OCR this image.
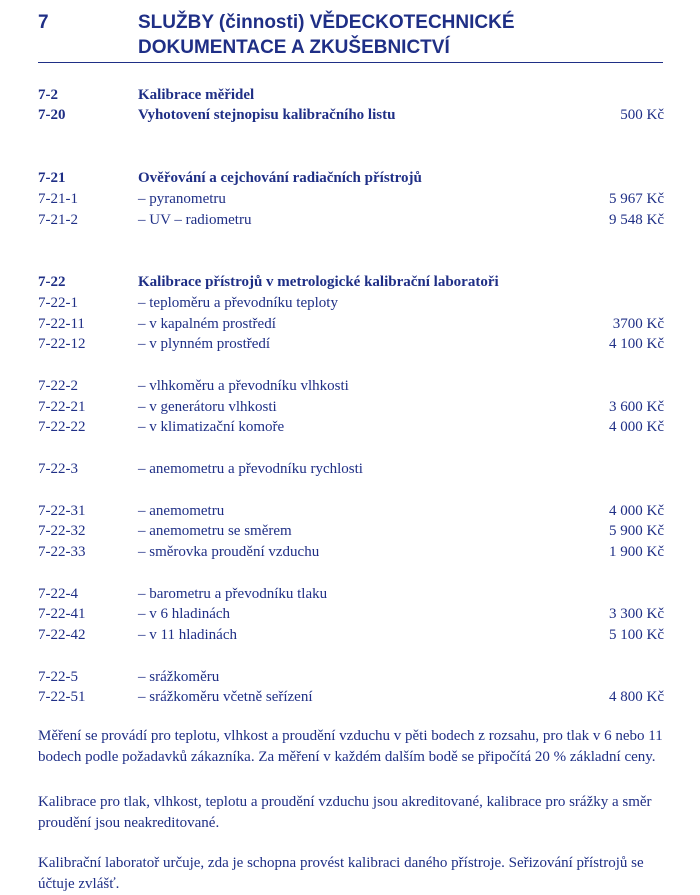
7	SLUŽBY (činnosti) VĚDECKOTECHNICKÉ
DOKUMENTACE A ZKUŠEBNICTVÍ
7-2	Kalibrace měřidel
7-20	Vyhotovení stejnopisu kalibračního listu	500 Kč
7-21	Ověřování a cejchování radiačních přístrojů
7-21-1	– pyranometru	5 967 Kč
7-21-2	– UV – radiometru	9 548 Kč
7-22	Kalibrace přístrojů v metrologické kalibrační laboratoři
7-22-1	– teploměru a převodníku teploty
7-22-11	– v kapalném prostředí	3700 Kč
7-22-12	– v plynném prostředí	4 100 Kč
7-22-2	– vlhkoměru a převodníku vlhkosti
7-22-21	– v generátoru vlhkosti	3 600 Kč
7-22-22	– v klimatizační komoře	4 000 Kč
7-22-3	– anemometru a převodníku rychlosti
7-22-31	– anemometru	4 000 Kč
7-22-32	– anemometru se směrem	5 900 Kč
7-22-33	– směrovka proudění vzduchu	1 900 Kč
7-22-4	– barometru a převodníku tlaku
7-22-41	– v 6 hladinách	3 300 Kč
7-22-42	– v 11 hladinách	5 100 Kč
7-22-5	– srážkoměru
7-22-51	– srážkoměru včetně seřízení	4 800 Kč
Měření se provádí pro teplotu, vlhkost a proudění vzduchu v pěti bodech z rozsahu, pro tlak v 6 nebo 11 bodech podle požadavků zákazníka. Za měření v každém dalším bodě se připočítá 20 % základní ceny.
Kalibrace pro tlak, vlhkost, teplotu a proudění vzduchu jsou akreditované, kalibrace pro srážky a směr proudění jsou neakreditované.
Kalibrační laboratoř určuje, zda je schopna provést kalibraci daného přístroje. Seřizování přístrojů se účtuje zvlášť.
